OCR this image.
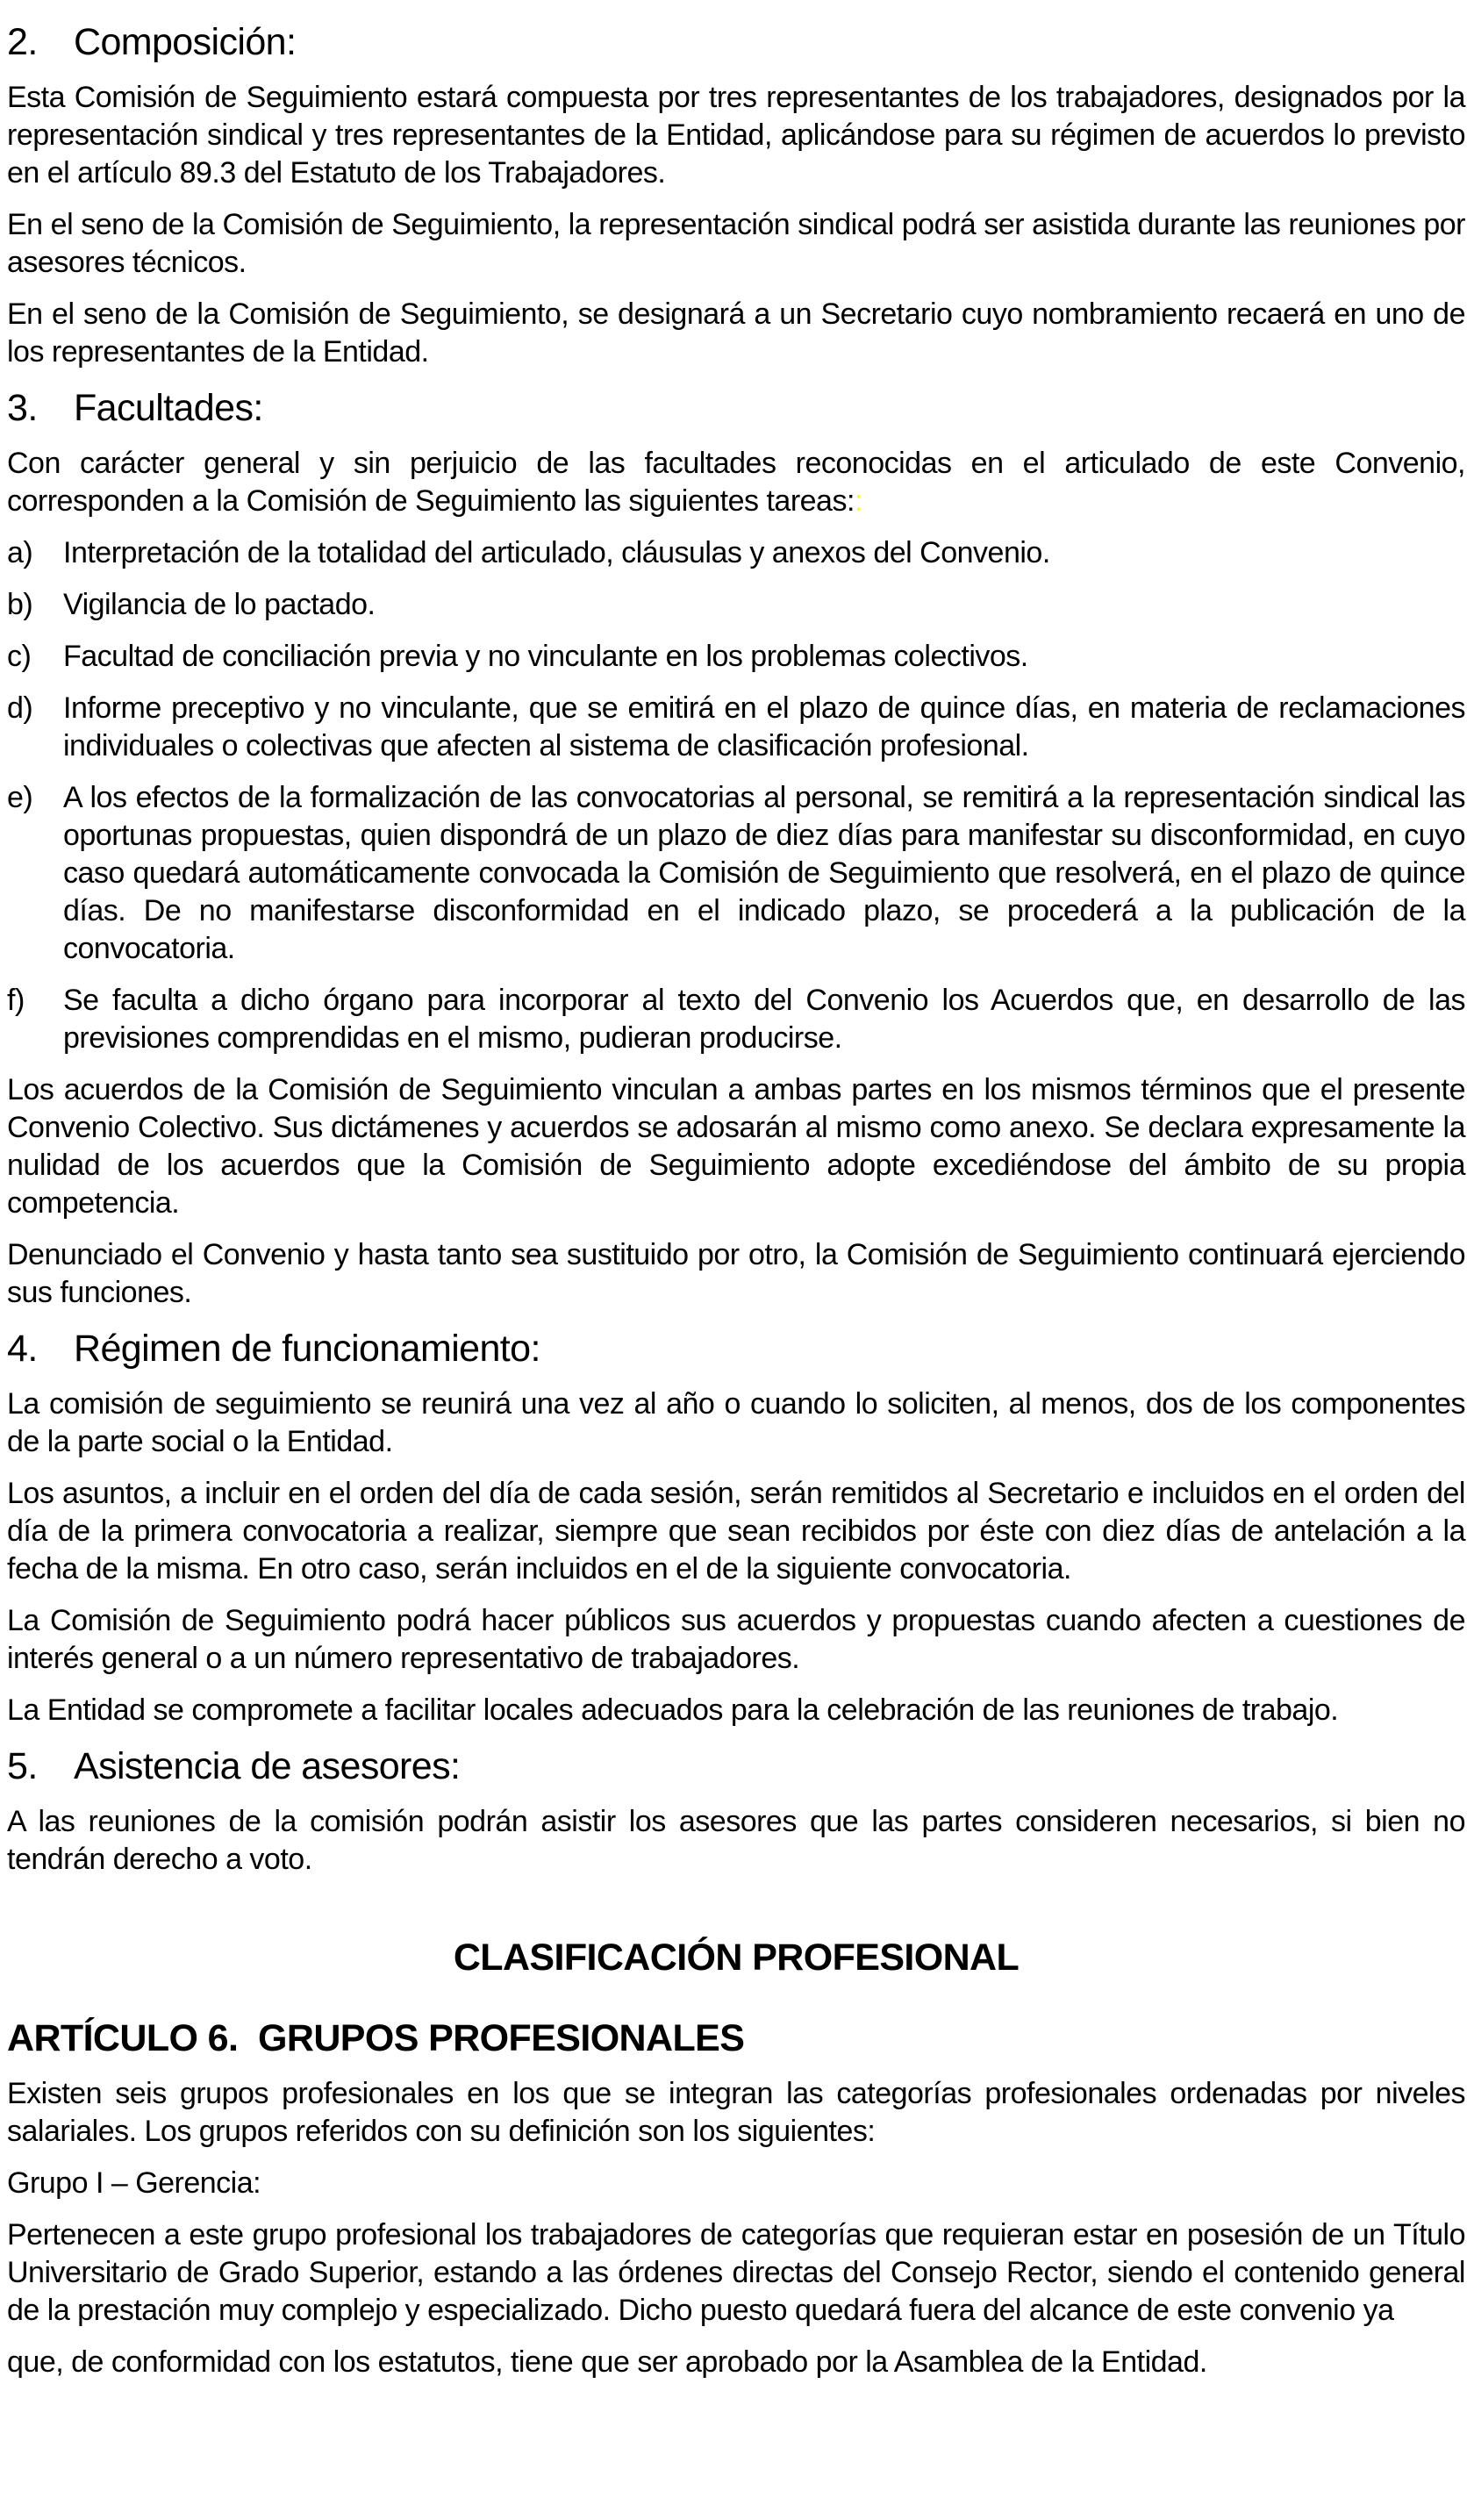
2. Composición:

Esta Comisión de Seguimiento estará compuesta por tres representantes de los trabajadores, designados por la representación sindical y tres representantes de la Entidad, aplicándose para su régimen de acuerdos lo previsto en el artículo 89.3 del Estatuto de los Trabajadores.

En el seno de la Comisión de Seguimiento, la representación sindical podrá ser asistida durante las reuniones por asesores técnicos.

En el seno de la Comisión de Seguimiento, se designará a un Secretario cuyo nombramiento recaerá en uno de los representantes de la Entidad.

3. Facultades:

Con carácter general y sin perjuicio de las facultades reconocidas en el articulado de este Convenio, corresponden a la Comisión de Seguimiento las siguientes tareas::

a)	Interpretación de la totalidad del articulado, cláusulas y anexos del Convenio.

b)	Vigilancia de lo pactado.

c)	Facultad de conciliación previa y no vinculante en los problemas colectivos.

d)	Informe preceptivo y no vinculante, que se emitirá en el plazo de quince días, en materia de reclamaciones individuales o colectivas que afecten al sistema de clasificación profesional.

e)	A los efectos de la formalización de las convocatorias al personal, se remitirá a la representación sindical las oportunas propuestas, quien dispondrá de un plazo de diez días para manifestar su disconformidad, en cuyo caso quedará automáticamente convocada la Comisión de Seguimiento que resolverá, en el plazo de quince días. De no manifestarse disconformidad en el indicado plazo, se procederá a la publicación de la convocatoria.

f)	Se faculta a dicho órgano para incorporar al texto del Convenio los Acuerdos que, en desarrollo de las previsiones comprendidas en el mismo, pudieran producirse.

Los acuerdos de la Comisión de Seguimiento vinculan a ambas partes en los mismos términos que el presente Convenio Colectivo. Sus dictámenes y acuerdos se adosarán al mismo como anexo. Se declara expresamente la nulidad de los acuerdos que la Comisión de Seguimiento adopte excediéndose del ámbito de su propia competencia.

Denunciado el Convenio y hasta tanto sea sustituido por otro, la Comisión de Seguimiento continuará ejerciendo sus funciones.

4. Régimen de funcionamiento:

La comisión de seguimiento se reunirá una vez al año o cuando lo soliciten, al menos, dos de los componentes de la parte social o la Entidad.

Los asuntos, a incluir en el orden del día de cada sesión, serán remitidos al Secretario e incluidos en el orden del día de la primera convocatoria a realizar, siempre que sean recibidos por éste con diez días de antelación a la fecha de la misma. En otro caso, serán incluidos en el de la siguiente convocatoria.

La Comisión de Seguimiento podrá hacer públicos sus acuerdos y propuestas cuando afecten a cuestiones de interés general o a un número representativo de trabajadores.

La Entidad se compromete a facilitar locales adecuados para la celebración de las reuniones de trabajo.

5. Asistencia de asesores:

A las reuniones de la comisión podrán asistir los asesores que las partes consideren necesarios, si bien no tendrán derecho a voto.

CLASIFICACIÓN PROFESIONAL
ARTÍCULO 6.  GRUPOS PROFESIONALES

Existen seis grupos profesionales en los que se integran las categorías profesionales ordenadas por niveles salariales. Los grupos referidos con su definición son los siguientes:

Grupo I – Gerencia:

Pertenecen a este grupo profesional los trabajadores de categorías que requieran estar en posesión de un Título Universitario de Grado Superior, estando a las órdenes directas del Consejo Rector, siendo el contenido general de la prestación muy complejo y especializado. Dicho puesto quedará fuera del alcance de este convenio ya

que, de conformidad con los estatutos, tiene que ser aprobado por la Asamblea de la Entidad.
